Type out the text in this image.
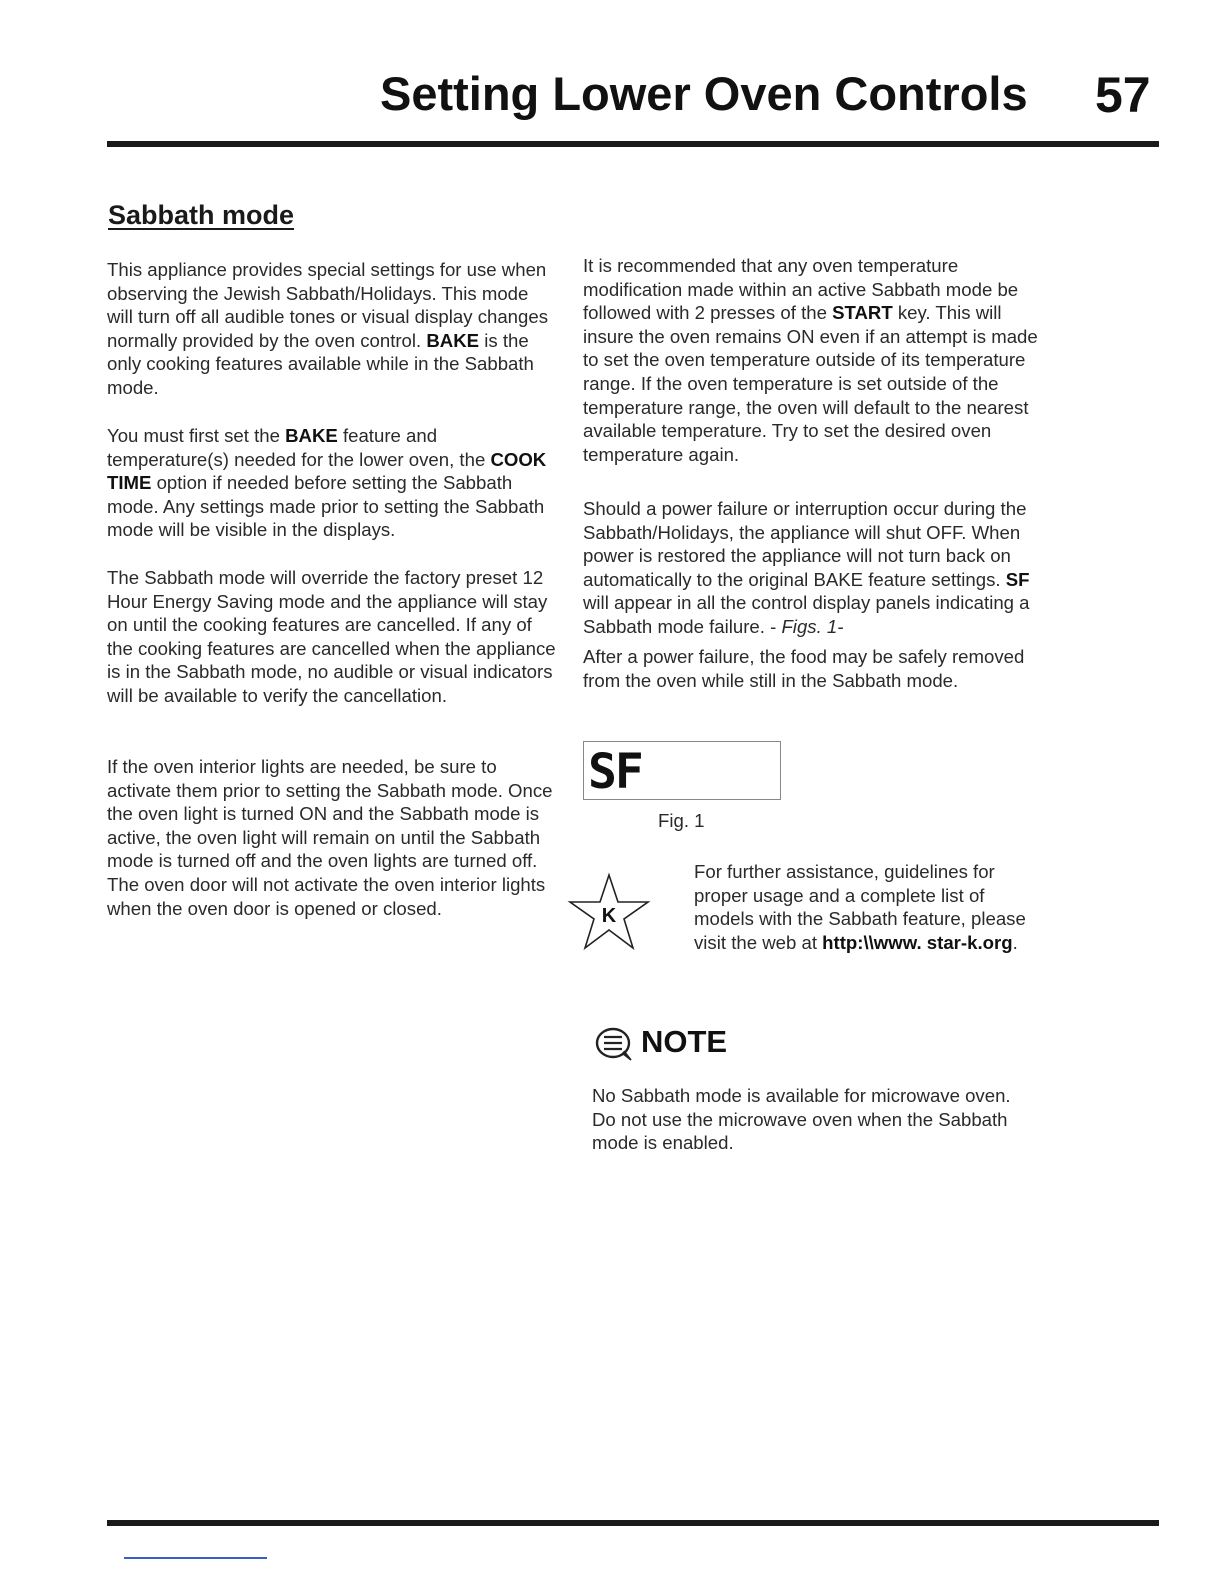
Setting Lower Oven Controls 57
Sabbath mode

This appliance provides special settings for use when observing the Jewish Sabbath/Holidays. This mode will turn off all audible tones or visual display changes normally provided by the oven control. BAKE is the only cooking features available while in the Sabbath mode.

You must first set the BAKE feature and temperature(s) needed for the lower oven, the COOK TIME option if needed before setting the Sabbath mode. Any settings made prior to setting the Sabbath mode will be visible in the displays.

The Sabbath mode will override the factory preset 12 Hour Energy Saving mode and the appliance will stay on until the cooking features are cancelled. If any of the cooking features are cancelled when the appliance is in the Sabbath mode, no audible or visual indicators will be available to verify the cancellation.

If the oven interior lights are needed, be sure to activate them prior to setting the Sabbath mode. Once the oven light is turned ON and the Sabbath mode is active, the oven light will remain on until the Sabbath mode is turned off and the oven lights are turned off. The oven door will not activate the oven interior lights when the oven door is opened or closed.

It is recommended that any oven temperature modification made within an active Sabbath mode be followed with 2 presses of the START key. This will insure the oven remains ON even if an attempt is made to set the oven temperature outside of its temperature range. If the oven temperature is set outside of the temperature range, the oven will default to the nearest available temperature. Try to set the desired oven temperature again.

Should a power failure or interruption occur during the Sabbath/Holidays, the appliance will shut OFF. When power is restored the appliance will not turn back on automatically to the original BAKE feature settings. SF will appear in all the control display panels indicating a Sabbath mode failure. - Figs. 1-

After a power failure, the food may be safely removed from the oven while still in the Sabbath mode.

SF
Fig. 1
K

For further assistance, guidelines for proper usage and a complete list of models with the Sabbath feature, please visit the web at http:\\www. star-k.org.

NOTE

No Sabbath mode is available for microwave oven. Do not use the microwave oven when the Sabbath mode is enabled.
